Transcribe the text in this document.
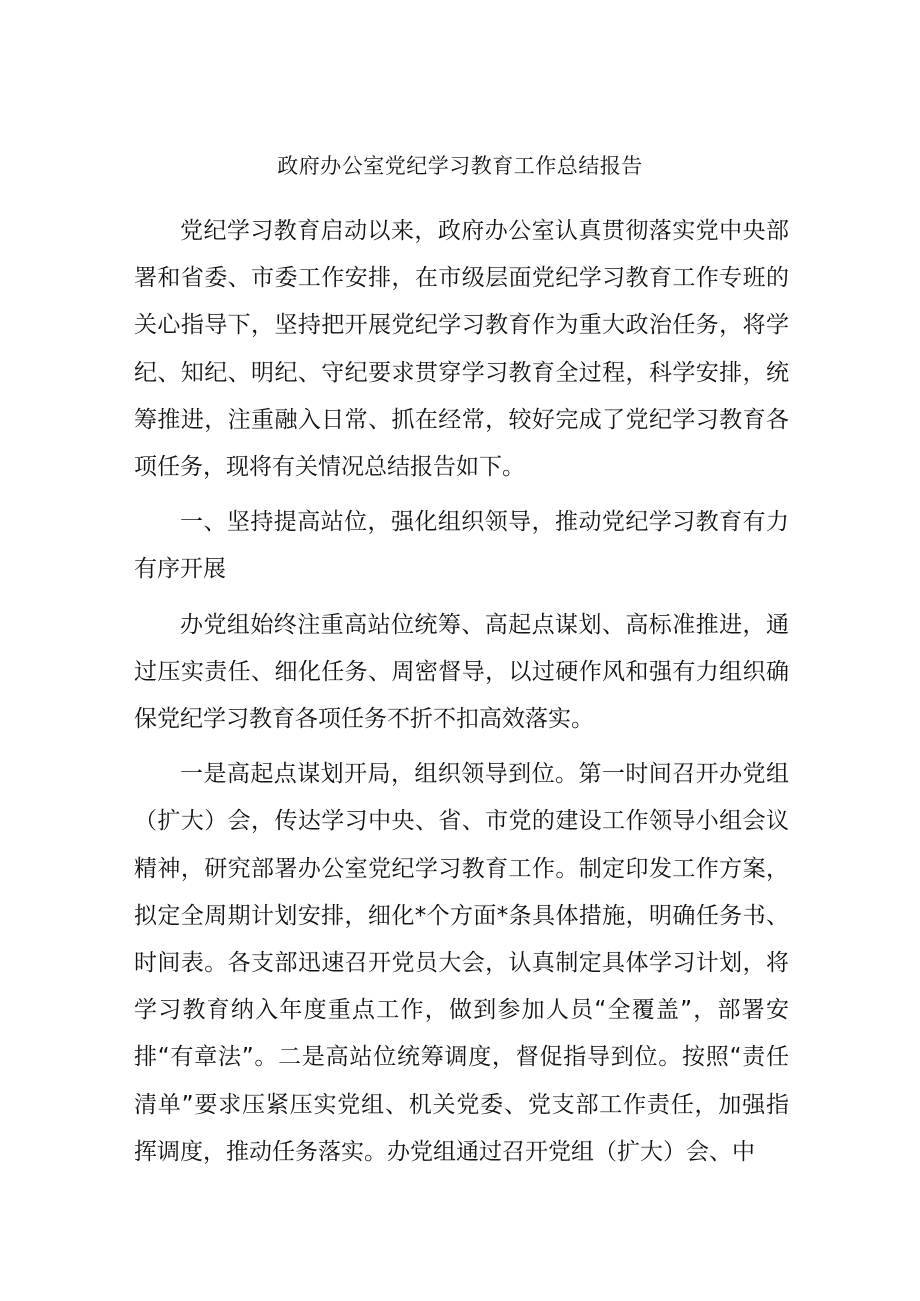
政府办公室党纪学习教育工作总结报告

党纪学习教育启动以来，政府办公室认真贯彻落实党中央部署和省委、市委工作安排，在市级层面党纪学习教育工作专班的关心指导下，坚持把开展党纪学习教育作为重大政治任务，将学纪、知纪、明纪、守纪要求贯穿学习教育全过程，科学安排，统筹推进，注重融入日常、抓在经常，较好完成了党纪学习教育各项任务，现将有关情况总结报告如下。

一、坚持提高站位，强化组织领导，推动党纪学习教育有力有序开展

办党组始终注重高站位统筹、高起点谋划、高标准推进，通过压实责任、细化任务、周密督导，以过硬作风和强有力组织确保党纪学习教育各项任务不折不扣高效落实。

一是高起点谋划开局，组织领导到位。第一时间召开办党组（扩大）会，传达学习中央、省、市党的建设工作领导小组会议精神，研究部署办公室党纪学习教育工作。制定印发工作方案，拟定全周期计划安排，细化*个方面*条具体措施，明确任务书、时间表。各支部迅速召开党员大会，认真制定具体学习计划，将学习教育纳入年度重点工作，做到参加人员“全覆盖”，部署安排“有章法”。二是高站位统筹调度，督促指导到位。按照“责任清单”要求压紧压实党组、机关党委、党支部工作责任，加强指挥调度，推动任务落实。办党组通过召开党组（扩大）会、中
